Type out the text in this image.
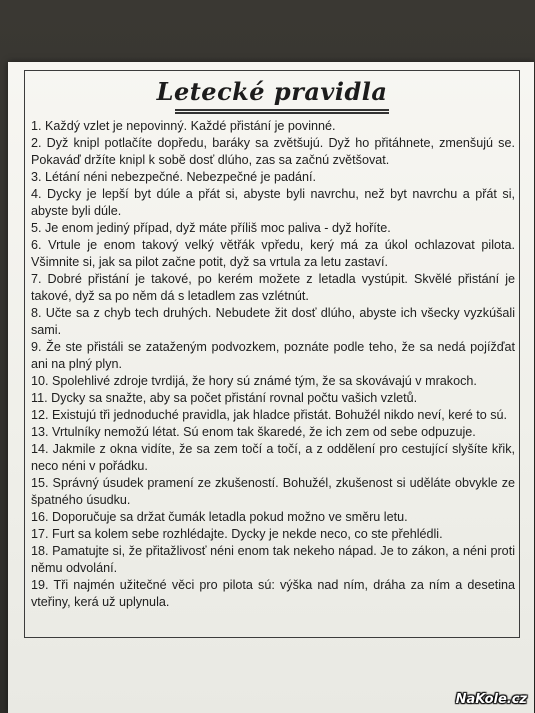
Letecké pravidla

1. Každý vzlet je nepovinný. Každé přistání je povinné.

2. Dyž knipl potlačíte dopředu, baráky sa zvětšujú. Dyž ho přitáhnete, zmenšujú se. Pokaváď držíte knipl k sobě dosť dlúho, zas sa začnú zvětšovat.

3. Létání néni nebezpečné. Nebezpečné je padání.

4. Dycky je lepší byt dúle a přát si, abyste byli navrchu, než byt navrchu a přát si, abyste byli dúle.

5. Je enom jediný případ, dyž máte příliš moc paliva - dyž hoříte.

6. Vrtule je enom takový velký větřák vpředu, kerý má za úkol ochlazovat pilota. Všimnite si, jak sa pilot začne potit, dyž sa vrtula za letu zastaví.

7. Dobré přistání je takové, po kerém možete z letadla vystúpit. Skvělé přistání je takové, dyž sa po něm dá s letadlem zas vzlétnút.

8. Učte sa z chyb tech druhých. Nebudete žit dosť dlúho, abyste ich všecky vyzkúšali sami.

9. Že ste přistáli se zataženým podvozkem, poznáte podle teho, že sa nedá pojížďat ani na plný plyn.

10. Spolehlivé zdroje tvrdijá, že hory sú známé tým, že sa skovávajú v mrakoch.

11. Dycky sa snažte, aby sa počet přistání rovnal počtu vašich vzletů.

12. Existujú tři jednoduché pravidla, jak hladce přistát. Bohužél nikdo neví, keré to sú.

13. Vrtulníky nemožú létat. Sú enom tak škaredé, že ich zem od sebe odpuzuje.

14. Jakmile z okna vidíte, že sa zem točí a točí, a z oddělení pro cestující slyšíte křik, neco néni v pořádku.

15. Správný úsudek pramení ze zkušeností. Bohužél, zkušenost si uděláte obvykle ze špatného úsudku.

16. Doporučuje sa držat čumák letadla pokud možno ve směru letu.

17. Furt sa kolem sebe rozhlédajte. Dycky je nekde neco, co ste přehlédli.

18. Pamatujte si, že přitažlivosť néni enom tak nekeho nápad. Je to zákon, a néni proti němu odvolání.

19. Tři najmén užitečné věci pro pilota sú: výška nad ním, dráha za ním a desetina vteřiny, kerá už uplynula.

NaKole.cz
